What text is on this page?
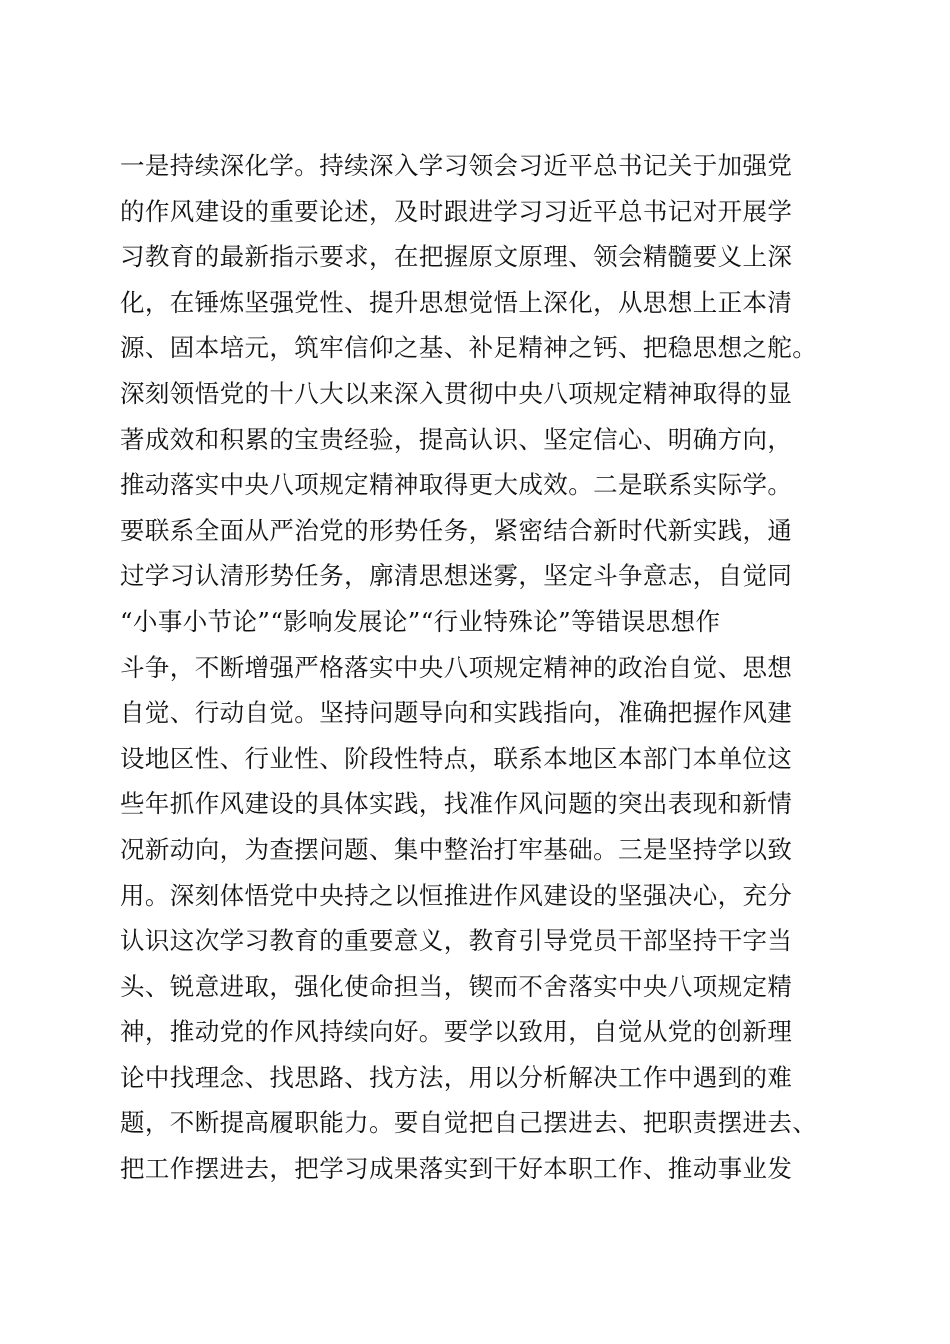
一是持续深化学。持续深入学习领会习近平总书记关于加强党
的作风建设的重要论述，及时跟进学习习近平总书记对开展学
习教育的最新指示要求，在把握原文原理、领会精髓要义上深
化，在锤炼坚强党性、提升思想觉悟上深化，从思想上正本清
源、固本培元，筑牢信仰之基、补足精神之钙、把稳思想之舵。
深刻领悟党的十八大以来深入贯彻中央八项规定精神取得的显
著成效和积累的宝贵经验，提高认识、坚定信心、明确方向，
推动落实中央八项规定精神取得更大成效。二是联系实际学。
要联系全面从严治党的形势任务，紧密结合新时代新实践，通
过学习认清形势任务，廓清思想迷雾，坚定斗争意志，自觉同
“小事小节论”“影响发展论”“行业特殊论”等错误思想作
斗争，不断增强严格落实中央八项规定精神的政治自觉、思想
自觉、行动自觉。坚持问题导向和实践指向，准确把握作风建
设地区性、行业性、阶段性特点，联系本地区本部门本单位这
些年抓作风建设的具体实践，找准作风问题的突出表现和新情
况新动向，为查摆问题、集中整治打牢基础。三是坚持学以致
用。深刻体悟党中央持之以恒推进作风建设的坚强决心，充分
认识这次学习教育的重要意义，教育引导党员干部坚持干字当
头、锐意进取，强化使命担当，锲而不舍落实中央八项规定精
神，推动党的作风持续向好。要学以致用，自觉从党的创新理
论中找理念、找思路、找方法，用以分析解决工作中遇到的难
题，不断提高履职能力。要自觉把自己摆进去、把职责摆进去、
把工作摆进去，把学习成果落实到干好本职工作、推动事业发
